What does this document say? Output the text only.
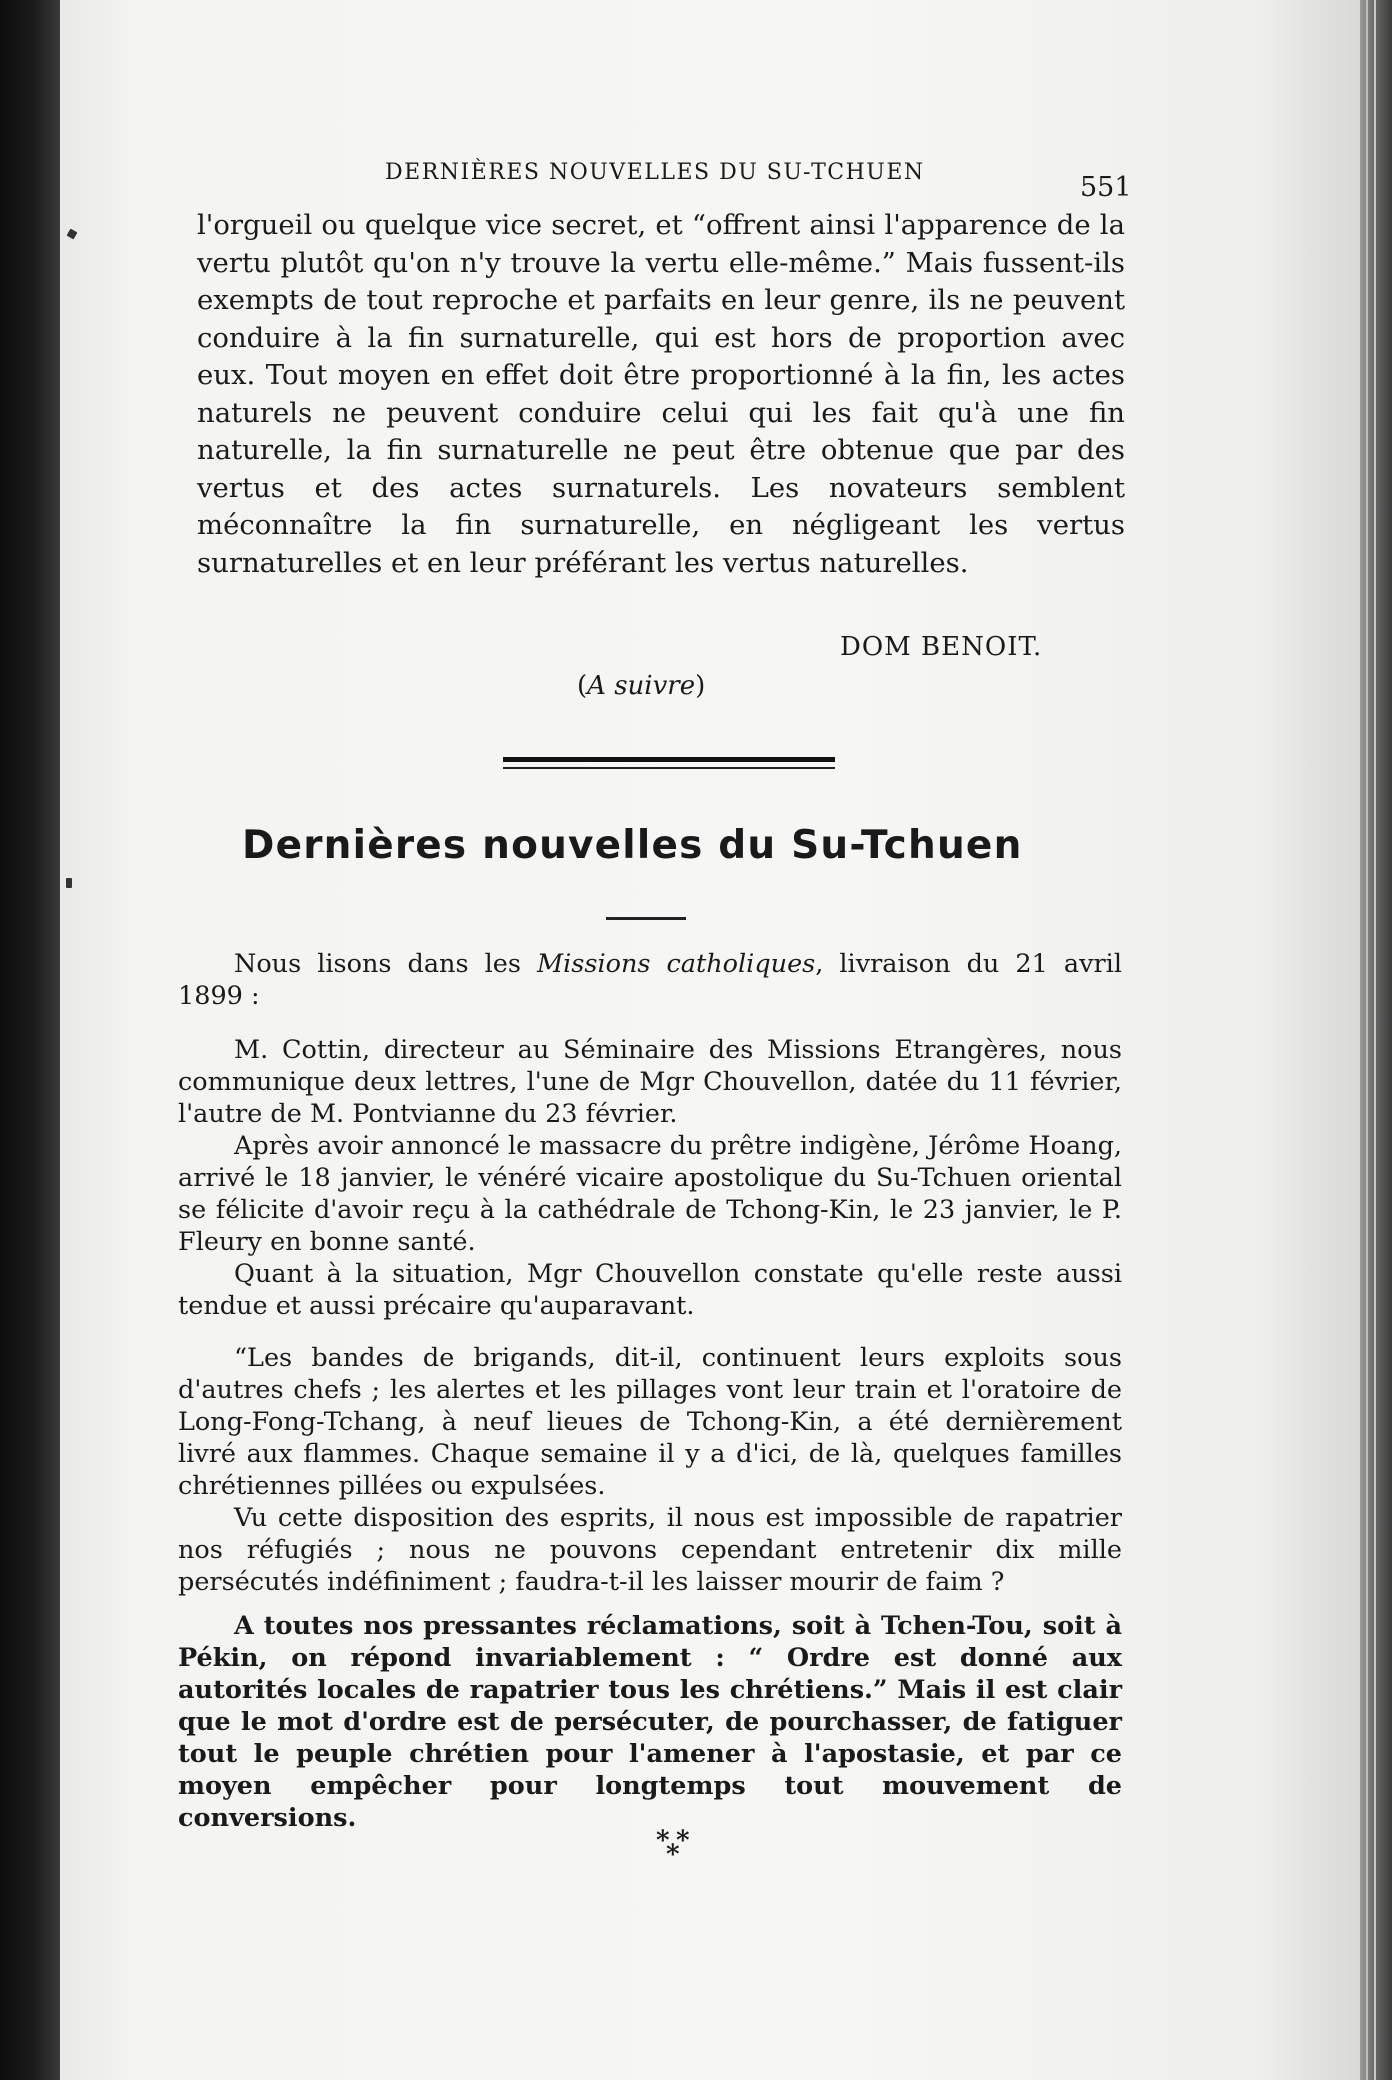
DERNIÈRES NOUVELLES DU SU-TCHUEN	551

l'orgueil ou quelque vice secret, et “offrent ainsi l'apparence de la vertu plutôt qu'on n'y trouve la vertu elle-même.” Mais fussent-ils exempts de tout reproche et parfaits en leur genre, ils ne peuvent conduire à la fin surnaturelle, qui est hors de proportion avec eux. Tout moyen en effet doit être proportionné à la fin, les actes naturels ne peuvent conduire celui qui les fait qu'à une fin naturelle, la fin surnaturelle ne peut être obtenue que par des vertus et des actes surnaturels. Les novateurs semblent méconnaître la fin surnaturelle, en négligeant les vertus surnaturelles et en leur préférant les vertus naturelles.

DOM BENOIT.
(A suivre)
Dernières nouvelles du Su-Tchuen

Nous lisons dans les Missions catholiques, livraison du 21 avril 1899 :

M. Cottin, directeur au Séminaire des Missions Etrangères, nous communique deux lettres, l'une de Mgr Chouvellon, datée du 11 février, l'autre de M. Pontvianne du 23 février.

Après avoir annoncé le massacre du prêtre indigène, Jérôme Hoang, arrivé le 18 janvier, le vénéré vicaire apostolique du Su-Tchuen oriental se félicite d'avoir reçu à la cathédrale de Tchong-Kin, le 23 janvier, le P. Fleury en bonne santé.

Quant à la situation, Mgr Chouvellon constate qu'elle reste aussi tendue et aussi précaire qu'auparavant.

“Les bandes de brigands, dit-il, continuent leurs exploits sous d'autres chefs ; les alertes et les pillages vont leur train et l'oratoire de Long-Fong-Tchang, à neuf lieues de Tchong-Kin, a été dernièrement livré aux flammes. Chaque semaine il y a d'ici, de là, quelques familles chrétiennes pillées ou expulsées.

Vu cette disposition des esprits, il nous est impossible de rapatrier nos réfugiés ; nous ne pouvons cependant entretenir dix mille persécutés indéfiniment ; faudra-t-il les laisser mourir de faim ?

A toutes nos pressantes réclamations, soit à Tchen-Tou, soit à Pékin, on répond invariablement : “ Ordre est donné aux autorités locales de rapatrier tous les chrétiens.” Mais il est clair que le mot d'ordre est de persécuter, de pourchasser, de fatiguer tout le peuple chrétien pour l'amener à l'apostasie, et par ce moyen empêcher pour longtemps tout mouvement de conversions.

* *
*
